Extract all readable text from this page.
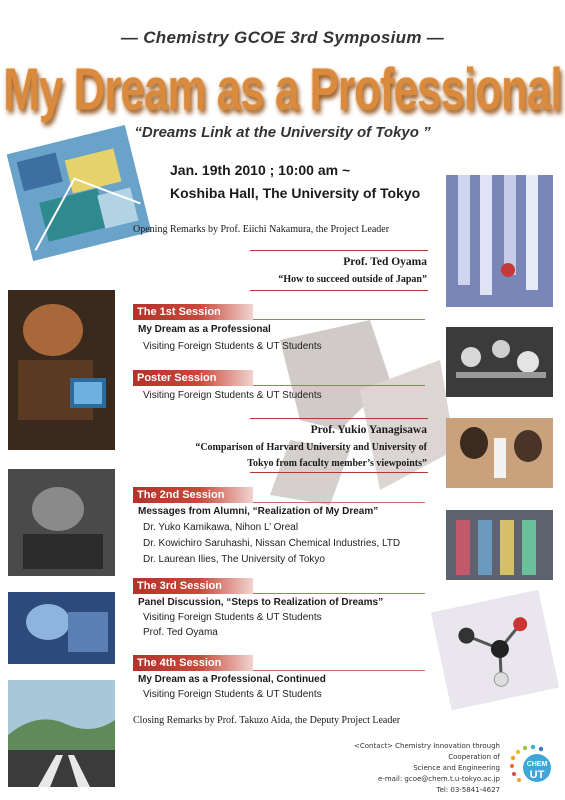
— Chemistry GCOE 3rd Symposium —
My Dream as a Professional
“Dreams Link at the University of Tokyo ”
Jan. 19th 2010 ; 10:00 am ~
Koshiba Hall, The University of Tokyo
Opening Remarks by Prof. Eiichi Nakamura, the Project Leader
Prof. Ted Oyama
“How to succeed outside of Japan”
The 1st Session
My Dream as a Professional
Visiting Foreign Students & UT Students
Poster Session
Visiting Foreign Students & UT Students
Prof. Yukio Yanagisawa
“Comparison of Harvard University and University of
Tokyo from faculty member’s viewpoints”
The 2nd Session
Messages from Alumni, “Realization of My Dream”
Dr. Yuko Kamikawa, Nihon L’ Oreal
Dr. Kowichiro Saruhashi, Nissan Chemical Industries, LTD
Dr. Laurean Ilies, The University of Tokyo
The 3rd Session
Panel Discussion, “Steps to Realization of Dreams”
Visiting Foreign Students & UT Students
Prof. Ted Oyama
The 4th Session
My Dream as a Professional, Continued
Visiting Foreign Students & UT Students
Closing Remarks by Prof. Takuzo Aida, the Deputy Project Leader
<Contact> Chemistry Innovation through Cooperation of
Science and Engineering
e-mail: gcoe@chem.t.u-tokyo.ac.jp
Tel: 03-5841-4627
CHEM
UT
